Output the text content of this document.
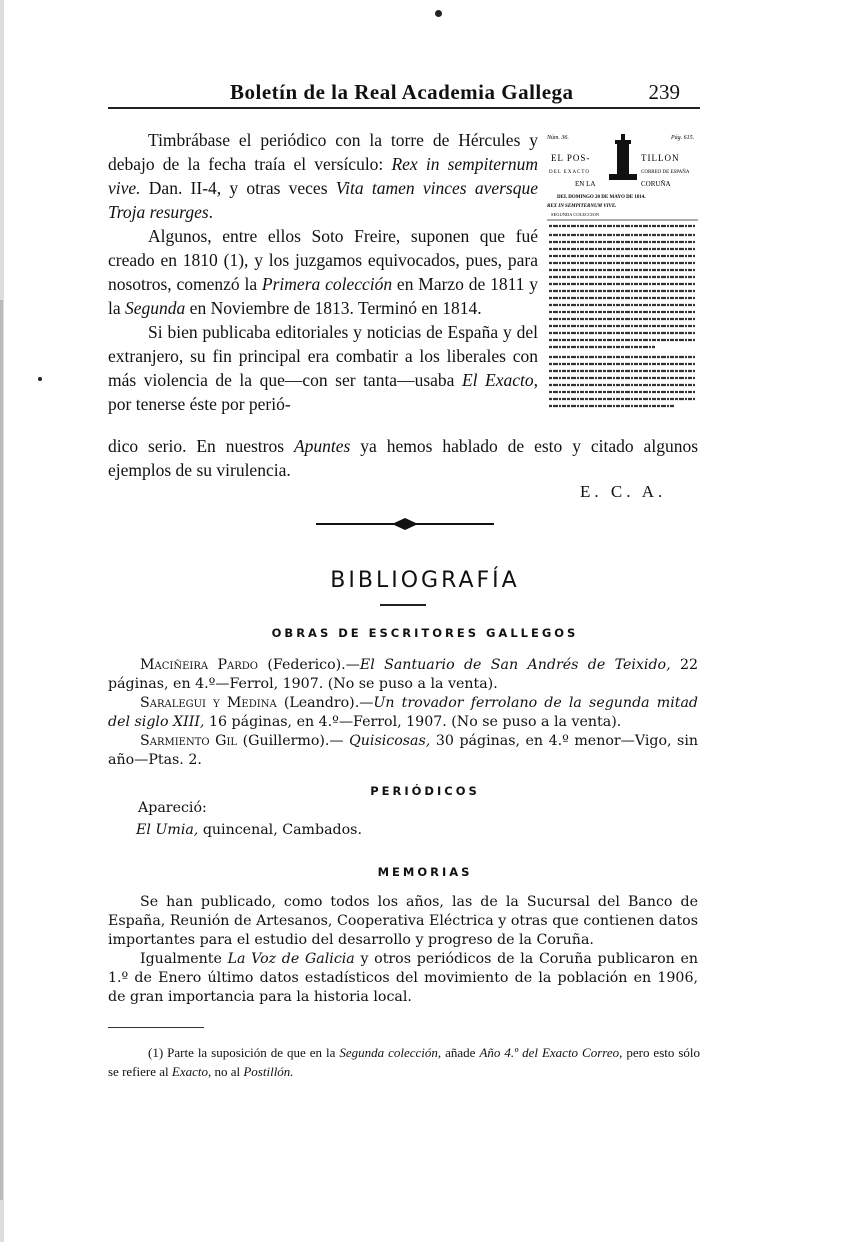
Boletín de la Real Academia Gallega	239

Timbrábase el periódico con la torre de Hércules y debajo de la fecha traía el versículo: Rex in sempiternum vive. Dan. II-4, y otras veces Vita tamen vinces aversque Troja resurges.

Algunos, entre ellos Soto Freire, suponen que fué creado en 1810 (1), y los juzgamos equivocados, pues, para nosotros, comenzó la Primera colección en Marzo de 1811 y la Segunda en Noviembre de 1813. Terminó en 1814.

Si bien publicaba editoriales y noticias de España y del extranjero, su fin principal era combatir a los liberales con más violencia de la que—con ser tanta—usaba El Exacto, por tenerse éste por perió-

dico serio. En nuestros Apuntes ya hemos hablado de esto y citado algunos ejemplos de su virulencia.
E. C. A.
Núm. 36.	Pág. 615.
EL POS-	TILLON
DEL EXACTO	CORREO DE ESPAÑA
EN LA	CORUÑA
DEL DOMINGO 20 DE MAYO DE 1814.
REX IN SEMPITERNUM VIVE.
SEGUNDA COLECCION
BIBLIOGRAFÍA
OBRAS DE ESCRITORES GALLEGOS

Maciñeira Pardo (Federico).—El Santuario de San Andrés de Teixido, 22 páginas, en 4.º—Ferrol, 1907. (No se puso a la venta).

Saralegui y Medina (Leandro).—Un trovador ferrolano de la segunda mitad del siglo XIII, 16 páginas, en 4.º—Ferrol, 1907. (No se puso a la venta).

Sarmiento Gil (Guillermo).— Quisicosas, 30 páginas, en 4.º menor—Vigo, sin año—Ptas. 2.

PERIÓDICOS

Apareció:

El Umia, quincenal, Cambados.

MEMORIAS

Se han publicado, como todos los años, las de la Sucursal del Banco de España, Reunión de Artesanos, Cooperativa Eléctrica y otras que contienen datos importantes para el estudio del desarrollo y progreso de la Coruña.

Igualmente La Voz de Galicia y otros periódicos de la Coruña publicaron en 1.º de Enero último datos estadísticos del movimiento de la población en 1906, de gran importancia para la historia local.

(1) Parte la suposición de que en la Segunda colección, añade Año 4.º del Exacto Correo, pero esto sólo se refiere al Exacto, no al Postillón.
